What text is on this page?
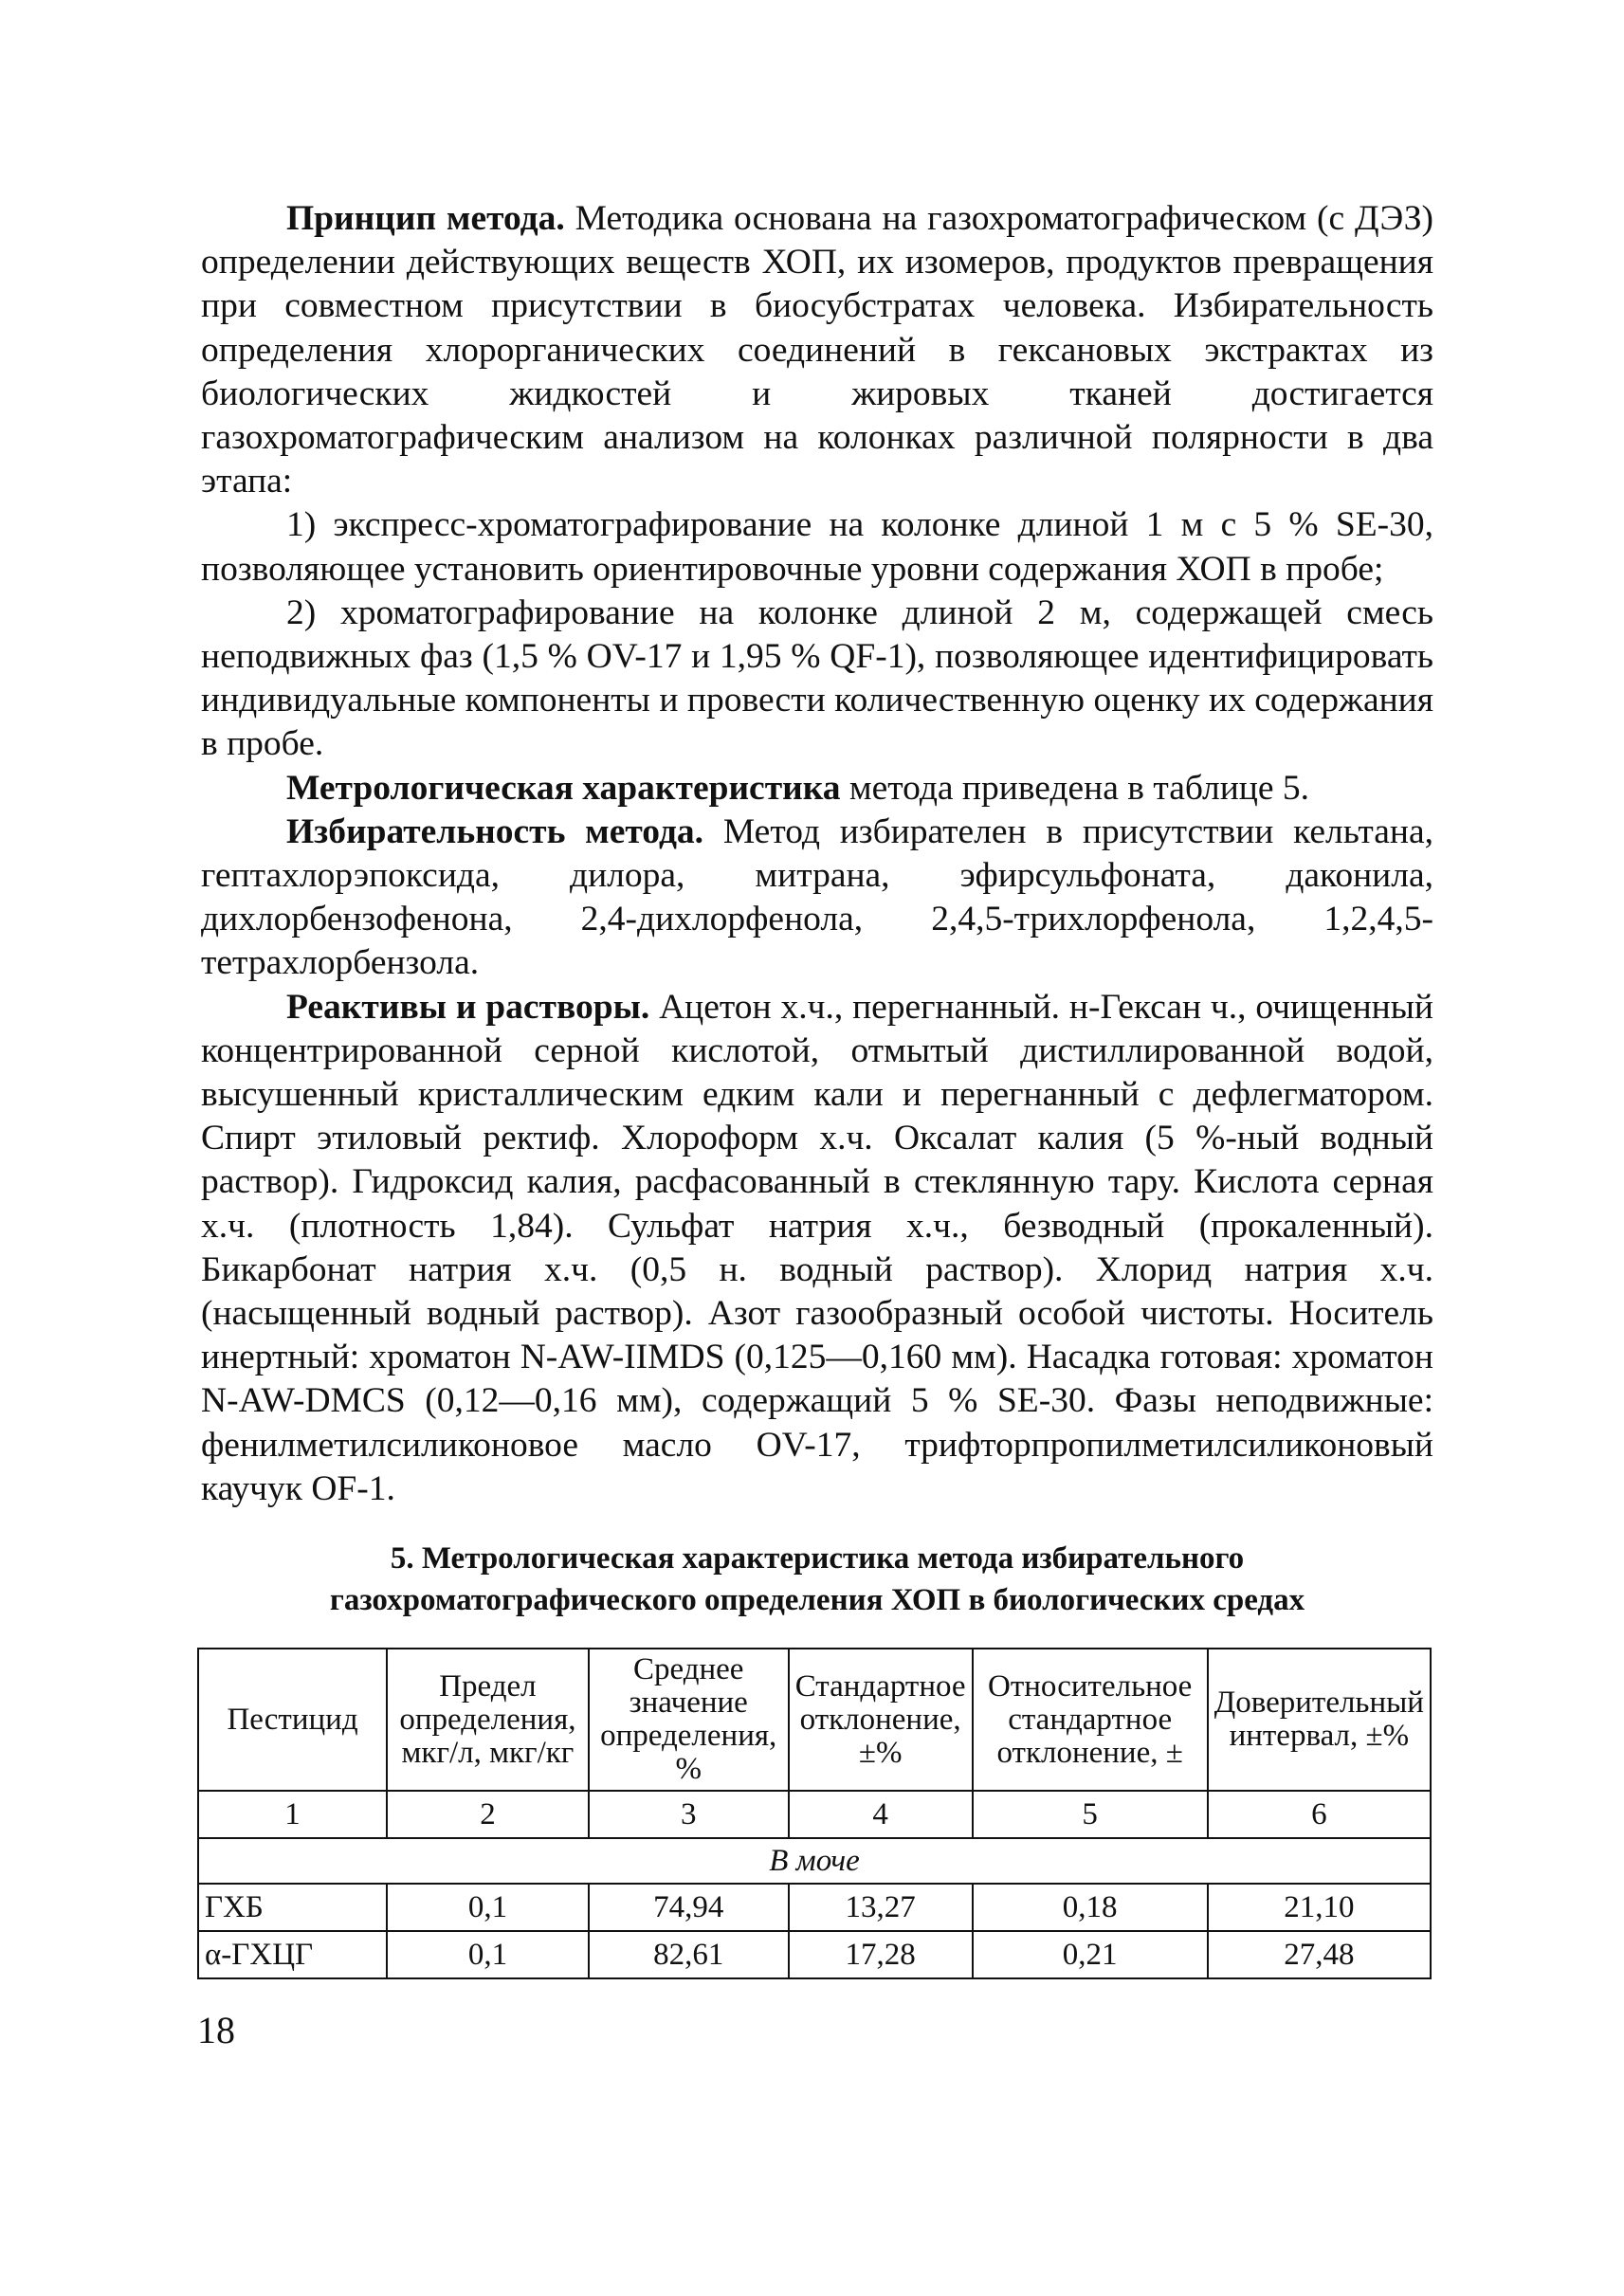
Принцип метода. Методика основана на газохроматографическом (с ДЭЗ) определении действующих веществ ХОП, их изомеров, продуктов превращения при совместном присутствии в биосубстратах человека. Избирательность определения хлорорганических соединений в гексановых экстрактах из биологических жидкостей и жировых тканей достигается газохроматографическим анализом на колонках различной полярности в два этапа:

1) экспресс-хроматографирование на колонке длиной 1 м с 5 % SE-30, позволяющее установить ориентировочные уровни содержания ХОП в пробе;

2) хроматографирование на колонке длиной 2 м, содержащей смесь неподвижных фаз (1,5 % OV-17 и 1,95 % QF-1), позволяющее идентифицировать индивидуальные компоненты и провести количественную оценку их содержания в пробе.

Метрологическая характеристика метода приведена в таблице 5.

Избирательность метода. Метод избирателен в присутствии кельтана, гептахлорэпоксида, дилора, митрана, эфирсульфоната, даконила, дихлорбензофенона, 2,4-дихлорфенола, 2,4,5-трихлорфенола, 1,2,4,5-тетрахлорбензола.

Реактивы и растворы. Ацетон х.ч., перегнанный. н-Гексан ч., очищенный концентрированной серной кислотой, отмытый дистиллированной водой, высушенный кристаллическим едким кали и перегнанный с дефлегматором. Спирт этиловый ректиф. Хлороформ х.ч. Оксалат калия (5 %-ный водный раствор). Гидроксид калия, расфасованный в стеклянную тару. Кислота серная х.ч. (плотность 1,84). Сульфат натрия х.ч., безводный (прокаленный). Бикарбонат натрия х.ч. (0,5 н. водный раствор). Хлорид натрия х.ч. (насыщенный водный раствор). Азот газообразный особой чистоты. Носитель инертный: хроматон N-AW-IIMDS (0,125—0,160 мм). Насадка готовая: хроматон N-AW-DMCS (0,12—0,16 мм), содержащий 5 % SE-30. Фазы неподвижные: фенилметилсиликоновое масло OV-17, трифторпропилметилсиликоновый каучук OF-1.

5. Метрологическая характеристика метода избирательного
газохроматографического определения ХОП в биологических средах
Пестицид	Предел определения, мкг/л, мкг/кг	Среднее значение определения, %	Стандартное отклонение, ±%	Относительное стандартное отклонение, ±	Доверительный интервал, ±%
1	2	3	4	5	6
В моче					
ГХБ	0,1	74,94	13,27	0,18	21,10
α-ГХЦГ	0,1	82,61	17,28	0,21	27,48
18
